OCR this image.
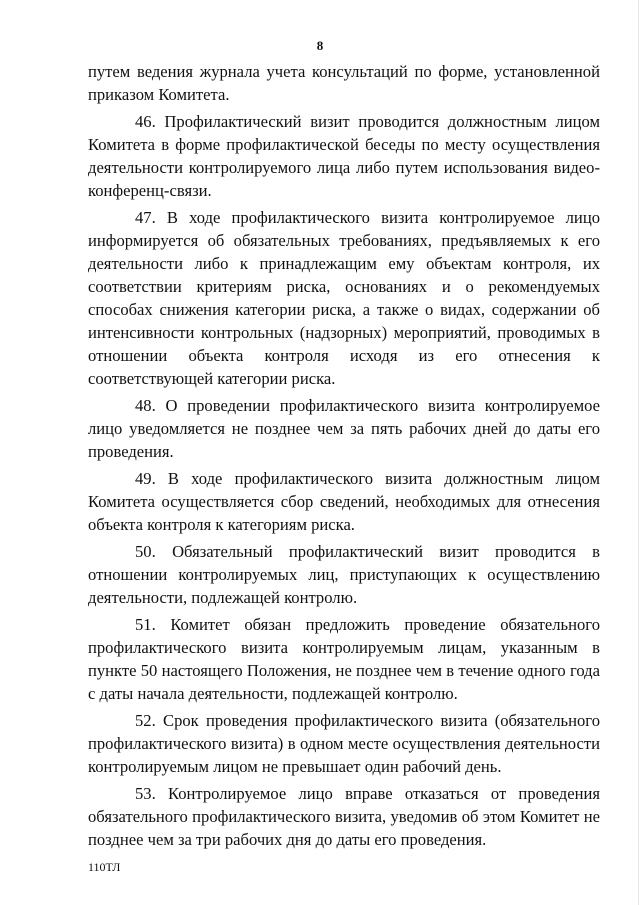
8

путем ведения журнала учета консультаций по форме, установленной приказом Комитета.

46. Профилактический визит проводится должностным лицом Комитета в форме профилактической беседы по месту осуществления деятельности контролируемого лица либо путем использования видео-конференц-связи.

47. В ходе профилактического визита контролируемое лицо информируется об обязательных требованиях, предъявляемых к его деятельности либо к принадлежащим ему объектам контроля, их соответствии критериям риска, основаниях и о рекомендуемых способах снижения категории риска, а также о видах, содержании об интенсивности контрольных (надзорных) мероприятий, проводимых в отношении объекта контроля исходя из его отнесения к соответствующей категории риска.

48. О проведении профилактического визита контролируемое лицо уведомляется не позднее чем за пять рабочих дней до даты его проведения.

49. В ходе профилактического визита должностным лицом Комитета осуществляется сбор сведений, необходимых для отнесения объекта контроля к категориям риска.

50. Обязательный профилактический визит проводится в отношении контролируемых лиц, приступающих к осуществлению деятельности, подлежащей контролю.

51. Комитет обязан предложить проведение обязательного профилактического визита контролируемым лицам, указанным в пункте 50 настоящего Положения, не позднее чем в течение одного года с даты начала деятельности, подлежащей контролю.

52. Срок проведения профилактического визита (обязательного профилактического визита) в одном месте осуществления деятельности контролируемым лицом не превышает один рабочий день.

53. Контролируемое лицо вправе отказаться от проведения обязательного профилактического визита, уведомив об этом Комитет не позднее чем за три рабочих дня до даты его проведения.

110ТЛ
